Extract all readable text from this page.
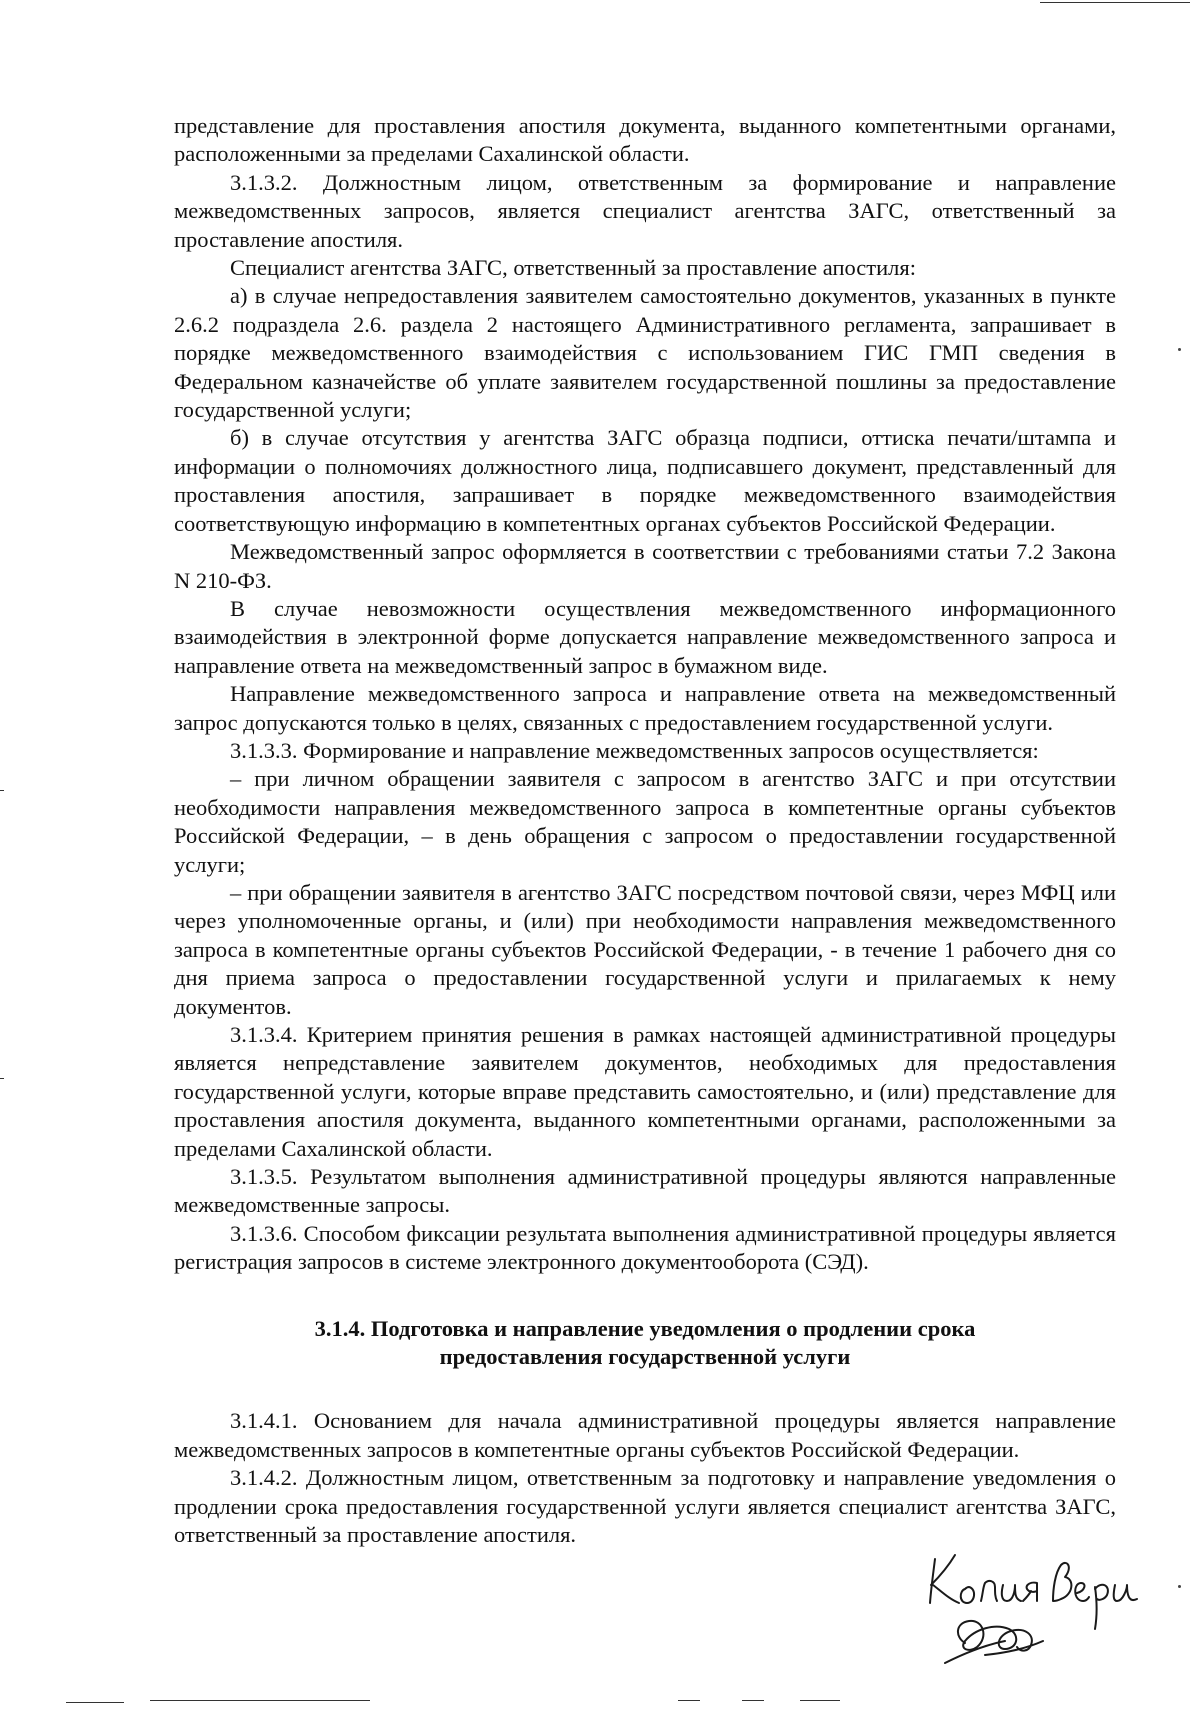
представление для проставления апостиля документа, выданного компетентными органами, расположенными за пределами Сахалинской области.

3.1.3.2. Должностным лицом, ответственным за формирование и направление межведомственных запросов, является специалист агентства ЗАГС, ответственный за проставление апостиля.

Специалист агентства ЗАГС, ответственный за проставление апостиля:

а) в случае непредоставления заявителем самостоятельно документов, указанных в пункте 2.6.2 подраздела 2.6. раздела 2 настоящего Административного регламента, запрашивает в порядке межведомственного взаимодействия с использованием ГИС ГМП сведения в Федеральном казначействе об уплате заявителем государственной пошлины за предоставление государственной услуги;

б) в случае отсутствия у агентства ЗАГС образца подписи, оттиска печати/штампа и информации о полномочиях должностного лица, подписавшего документ, представленный для проставления апостиля, запрашивает в порядке межведомственного взаимодействия соответствующую информацию в компетентных органах субъектов Российской Федерации.

Межведомственный запрос оформляется в соответствии с требованиями статьи 7.2 Закона N 210-ФЗ.

В случае невозможности осуществления межведомственного информационного взаимодействия в электронной форме допускается направление межведомственного запроса и направление ответа на межведомственный запрос в бумажном виде.

Направление межведомственного запроса и направление ответа на межведомственный запрос допускаются только в целях, связанных с предоставлением государственной услуги.

3.1.3.3. Формирование и направление межведомственных запросов осуществляется:

– при личном обращении заявителя с запросом в агентство ЗАГС и при отсутствии необходимости направления межведомственного запроса в компетентные органы субъектов Российской Федерации, – в день обращения с запросом о предоставлении государственной услуги;

– при обращении заявителя в агентство ЗАГС посредством почтовой связи, через МФЦ или через уполномоченные органы, и (или) при необходимости направления межведомственного запроса в компетентные органы субъектов Российской Федерации, - в течение 1 рабочего дня со дня приема запроса о предоставлении государственной услуги и прилагаемых к нему документов.

3.1.3.4. Критерием принятия решения в рамках настоящей административной процедуры является непредставление заявителем документов, необходимых для предоставления государственной услуги, которые вправе представить самостоятельно, и (или) представление для проставления апостиля документа, выданного компетентными органами, расположенными за пределами Сахалинской области.

3.1.3.5. Результатом выполнения административной процедуры являются направленные межведомственные запросы.

3.1.3.6. Способом фиксации результата выполнения административной процедуры является регистрация запросов в системе электронного документооборота (СЭД).

3.1.4. Подготовка и направление уведомления о продлении срока
предоставления государственной услуги

3.1.4.1. Основанием для начала административной процедуры является направление межведомственных запросов в компетентные органы субъектов Российской Федерации.

3.1.4.2. Должностным лицом, ответственным за подготовку и направление уведомления о продлении срока предоставления государственной услуги является специалист агентства ЗАГС, ответственный за проставление апостиля.
